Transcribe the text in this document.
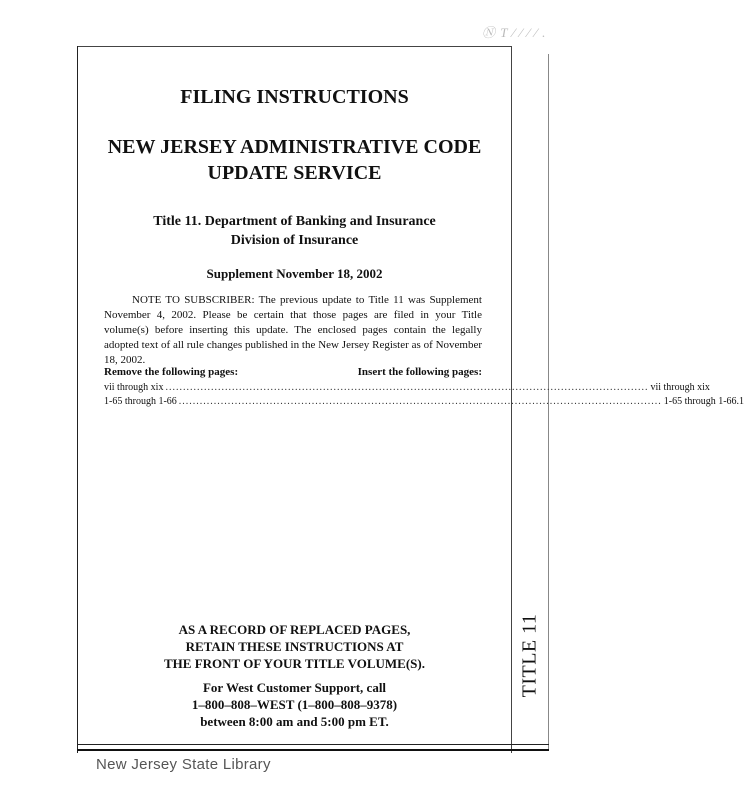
Ⓝ T ⁄ ⁄ ⁄ ⁄ .
FILING INSTRUCTIONS
NEW JERSEY ADMINISTRATIVE CODE
UPDATE SERVICE
Title 11. Department of Banking and Insurance
Division of Insurance
Supplement November 18, 2002
NOTE TO SUBSCRIBER: The previous update to Title 11 was Supplement November 4, 2002. Please be certain that those pages are filed in your Title volume(s) before inserting this update. The enclosed pages contain the legally adopted text of all rule changes published in the New Jersey Register as of November 18, 2002.
Remove the following pages:	Insert the following pages:
vii through xix .......................................................................................................................................... vii through xix
1-65 through 1-66 .......................................................................................................................................... 1-65 through 1-66.1
AS A RECORD OF REPLACED PAGES,
RETAIN THESE INSTRUCTIONS AT
THE FRONT OF YOUR TITLE VOLUME(S).
For West Customer Support, call
1–800–808–WEST (1–800–808–9378)
between 8:00 am and 5:00 pm ET.
TITLE 11
New Jersey State Library
